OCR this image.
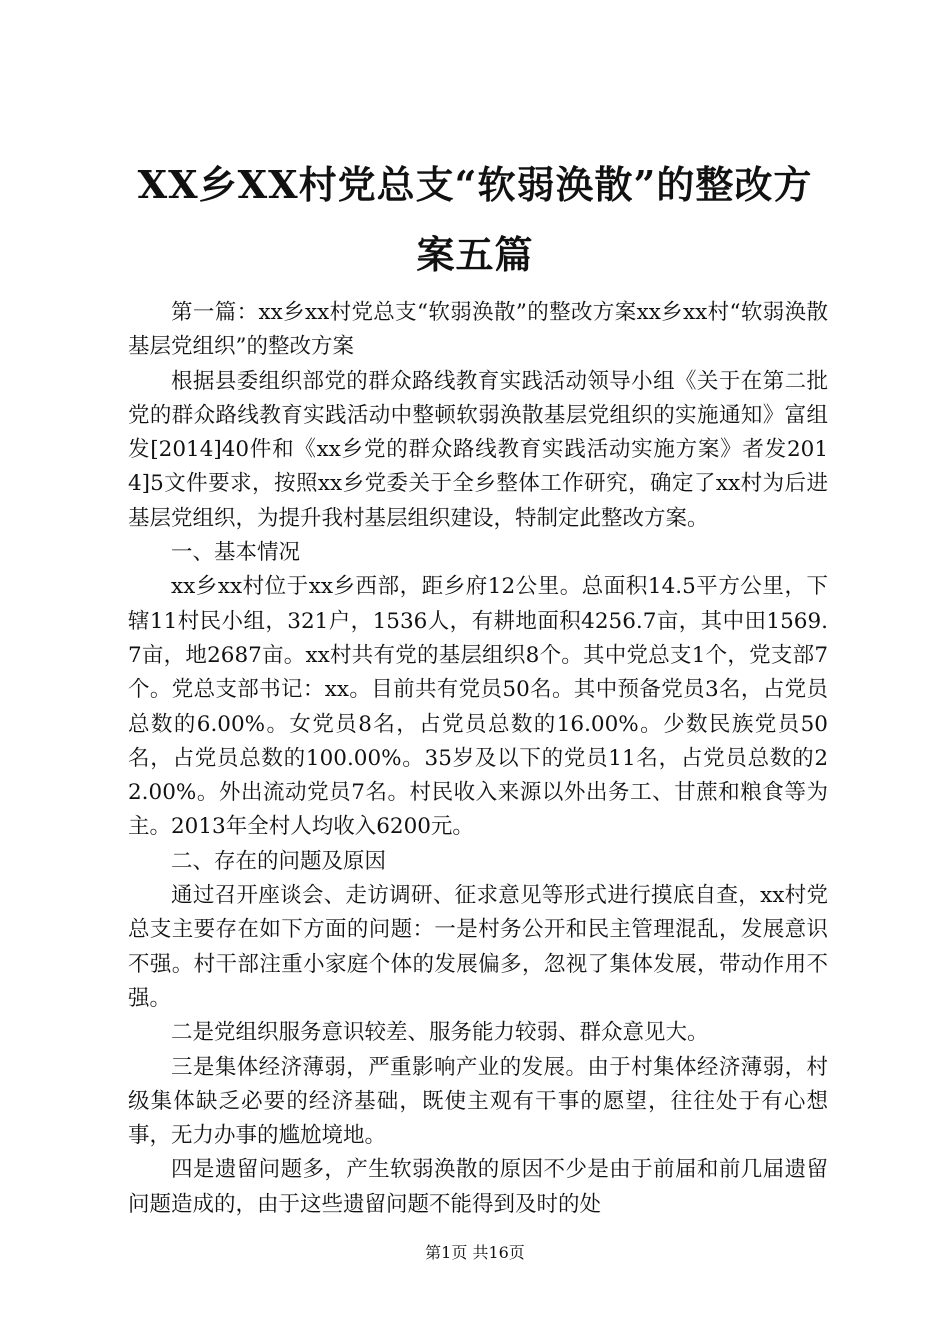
XX乡XX村党总支“软弱涣散”的整改方案五篇

第一篇：xx乡xx村党总支“软弱涣散”的整改方案xx乡xx村“软弱涣散基层党组织”的整改方案

根据县委组织部党的群众路线教育实践活动领导小组《关于在第二批党的群众路线教育实践活动中整顿软弱涣散基层党组织的实施通知》富组发[2014]40件和《xx乡党的群众路线教育实践活动实施方案》者发2014]5文件要求，按照xx乡党委关于全乡整体工作研究，确定了xx村为后进基层党组织，为提升我村基层组织建设，特制定此整改方案。

一、基本情况

xx乡xx村位于xx乡西部，距乡府12公里。总面积14.5平方公里，下辖11村民小组，321户，1536人，有耕地面积4256.7亩，其中田1569.7亩，地2687亩。xx村共有党的基层组织8个。其中党总支1个，党支部7个。党总支部书记：xx。目前共有党员50名。其中预备党员3名，占党员总数的6.00%。女党员8名，占党员总数的16.00%。少数民族党员50名，占党员总数的100.00%。35岁及以下的党员11名，占党员总数的22.00%。外出流动党员7名。村民收入来源以外出务工、甘蔗和粮食等为主。2013年全村人均收入6200元。

二、存在的问题及原因

通过召开座谈会、走访调研、征求意见等形式进行摸底自查，xx村党总支主要存在如下方面的问题：一是村务公开和民主管理混乱，发展意识不强。村干部注重小家庭个体的发展偏多，忽视了集体发展，带动作用不强。

二是党组织服务意识较差、服务能力较弱、群众意见大。

三是集体经济薄弱，严重影响产业的发展。由于村集体经济薄弱，村级集体缺乏必要的经济基础，既使主观有干事的愿望，往往处于有心想事，无力办事的尴尬境地。

四是遗留问题多，产生软弱涣散的原因不少是由于前届和前几届遗留问题造成的，由于这些遗留问题不能得到及时的处

第1页 共16页
